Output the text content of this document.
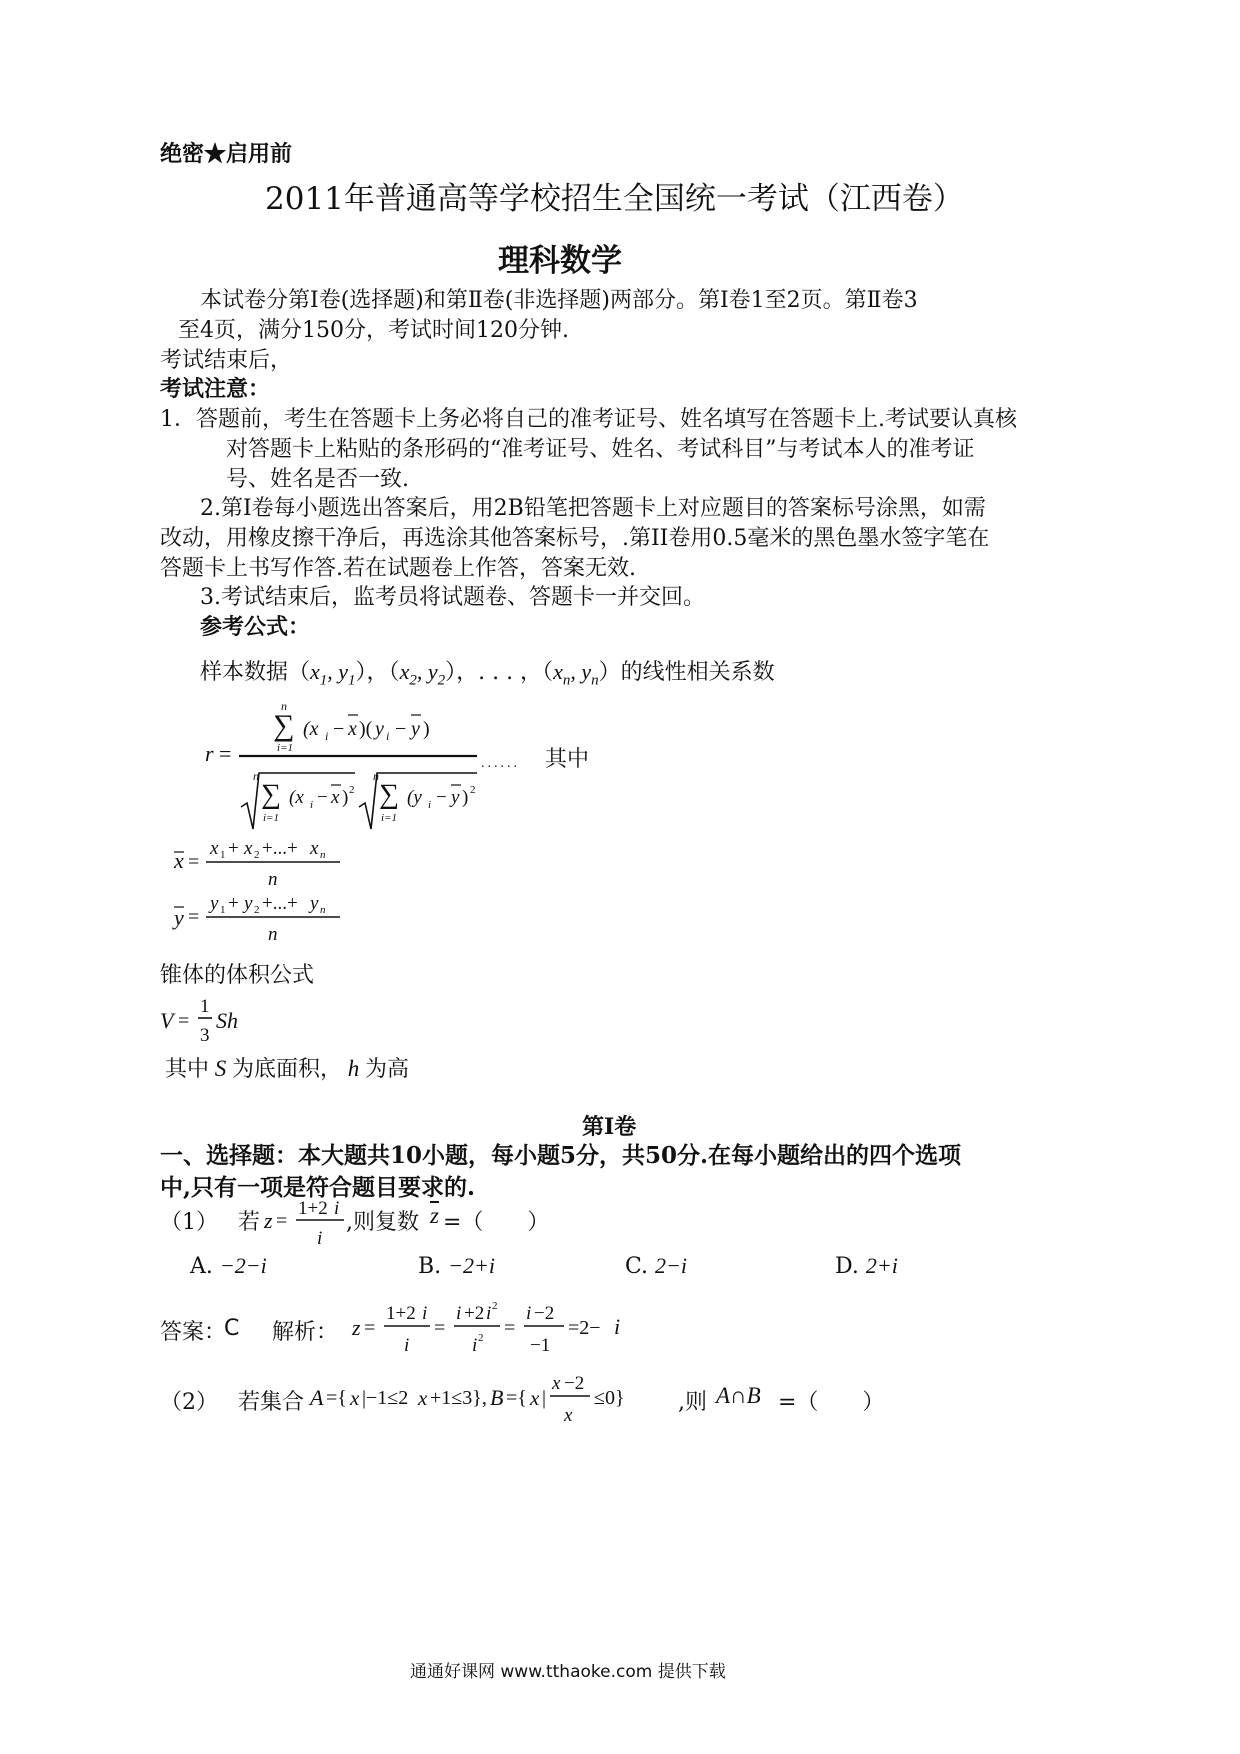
绝密★启用前
2011年普通高等学校招生全国统一考试（江西卷）
理科数学
本试卷分第Ⅰ卷(选择题)和第Ⅱ卷(非选择题)两部分。第Ⅰ卷1至2页。第Ⅱ卷3
至4页，满分150分，考试时间120分钟.
考试结束后，
考试注意：
1．答题前，考生在答题卡上务必将自己的准考证号、姓名填写在答题卡上.考试要认真核
对答题卡上粘贴的条形码的“准考证号、姓名、考试科目”与考试本人的准考证
号、姓名是否一致.
2.第Ⅰ卷每小题选出答案后，用2B铅笔把答题卡上对应题目的答案标号涂黑，如需
改动，用橡皮擦干净后，再选涂其他答案标号，.第II卷用0.5毫米的黑色墨水签字笔在
答题卡上书写作答.若在试题卷上作答，答案无效.
3.考试结束后，监考员将试题卷、答题卡一并交回。
参考公式：
样本数据（$x_1$, $y_1$），（$x_2$, $y_2$），. . . ，（$x_n$, $y_n$）的线性相关系数
r =
n
∑
i=1
(x i − x )( y i − y )
......
n
∑
i=1
(x i − x ) 2
n
∑
i=1
(y i − y ) 2
其中
x =
x 1 + x 2 +...+ x n
n
y =
y 1 + y 2 +...+ y n
n
锥体的体积公式
V =
1
3
Sh
其中 S 为底面积， h 为高
第Ⅰ卷
一、选择题：本大题共10小题，每小题5分，共50分.在每小题给出的四个选项
中,只有一项是符合题目要求的.
（1） 若 z =
1+2 i
i
,则复数 $\overline{z}$ =（　　）
A. −2−i	B. −2+i	C. 2−i	D. 2+i
答案：
C 解析： z =
1+2 i
i
=
i +2 i 2
i 2 =
i −2
−1
=2− i
（2） 若集合 A ={ x |−1≤2 x +1≤3}, B ={ x |
x −2
x
≤0} ,则 A∩B =（　　）
通通好课网 www.tthaoke.com 提供下载
